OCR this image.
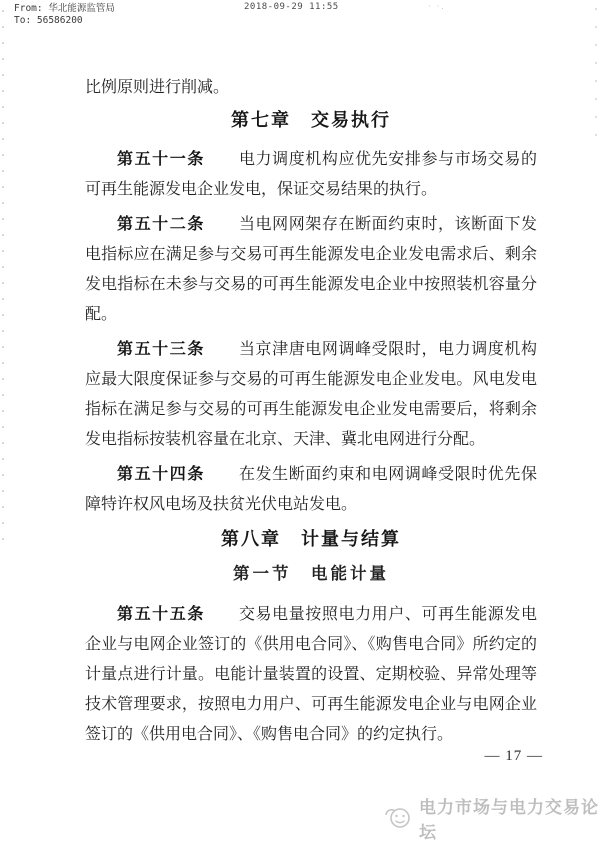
From: 华北能源监管局
To: 56586200
2018-09-29 11:55	· ·.

比例原则进行削减。

第七章　交易执行

第五十一条 电力调度机构应优先安排参与市场交易的可再生能源发电企业发电，保证交易结果的执行。

第五十二条 当电网网架存在断面约束时，该断面下发电指标应在满足参与交易可再生能源发电企业发电需求后、剩余发电指标在未参与交易的可再生能源发电企业中按照装机容量分配。

第五十三条 当京津唐电网调峰受限时，电力调度机构应最大限度保证参与交易的可再生能源发电企业发电。风电发电指标在满足参与交易的可再生能源发电企业发电需要后，将剩余发电指标按装机容量在北京、天津、冀北电网进行分配。

第五十四条 在发生断面约束和电网调峰受限时优先保障特许权风电场及扶贫光伏电站发电。

第八章　计量与结算

第一节　电能计量

第五十五条 交易电量按照电力用户、可再生能源发电企业与电网企业签订的《供用电合同》、《购售电合同》所约定的计量点进行计量。电能计量装置的设置、定期校验、异常处理等技术管理要求，按照电力用户、可再生能源发电企业与电网企业签订的《供用电合同》、《购售电合同》的约定执行。

— 17 —
电力市场与电力交易论坛
